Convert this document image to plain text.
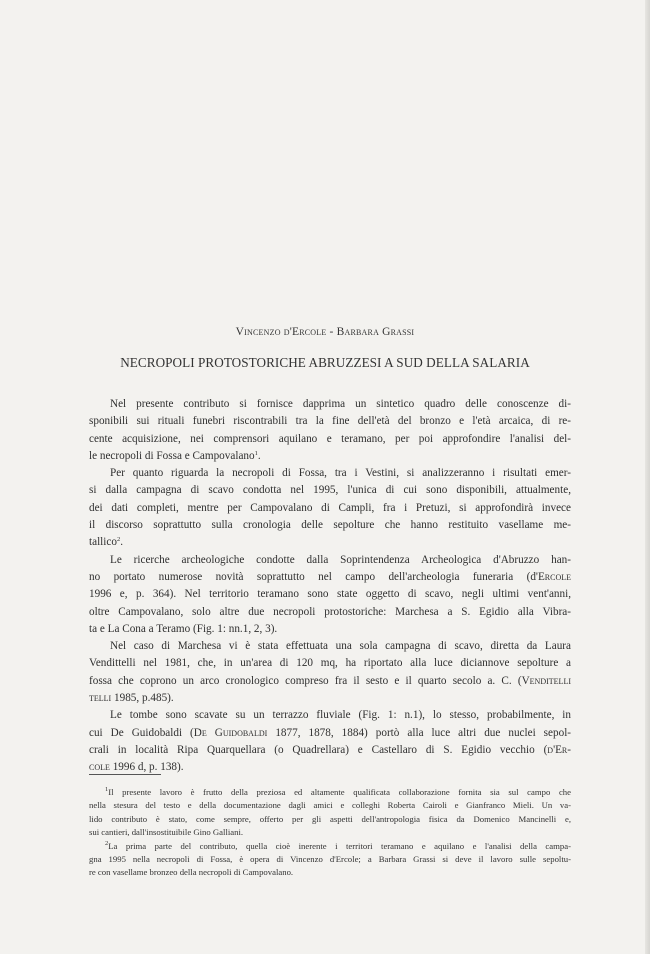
Vincenzo d'Ercole - Barbara Grassi
NECROPOLI PROTOSTORICHE ABRUZZESI A SUD DELLA SALARIA
Nel presente contributo si fornisce dapprima un sintetico quadro delle conoscenze di-
sponibili sui rituali funebri riscontrabili tra la fine dell'età del bronzo e l'età arcaica, di re-
cente acquisizione, nei comprensori aquilano e teramano, per poi approfondire l'analisi del-
le necropoli di Fossa e Campovalano$^1$.
Per quanto riguarda la necropoli di Fossa, tra i Vestini, si analizzeranno i risultati emer-
si dalla campagna di scavo condotta nel 1995, l'unica di cui sono disponibili, attualmente,
dei dati completi, mentre per Campovalano di Campli, fra i Pretuzi, si approfondirà invece
il discorso soprattutto sulla cronologia delle sepolture che hanno restituito vasellame me-
tallico$^2$.
Le ricerche archeologiche condotte dalla Soprintendenza Archeologica d'Abruzzo han-
no portato numerose novità soprattutto nel campo dell'archeologia funeraria (d'Ercole
1996 e, p. 364). Nel territorio teramano sono state oggetto di scavo, negli ultimi vent'anni,
oltre Campovalano, solo altre due necropoli protostoriche: Marchesa a S. Egidio alla Vibra-
ta e La Cona a Teramo (Fig. 1: nn.1, 2, 3).
Nel caso di Marchesa vi è stata effettuata una sola campagna di scavo, diretta da Laura
Vendittelli nel 1981, che, in un'area di 120 mq, ha riportato alla luce diciannove sepolture a
fossa che coprono un arco cronologico compreso fra il sesto e il quarto secolo a. C. (Venditelli
telli 1985, p.485).
Le tombe sono scavate su un terrazzo fluviale (Fig. 1: n.1), lo stesso, probabilmente, in
cui De Guidobaldi (De Guidobaldi 1877, 1878, 1884) portò alla luce altri due nuclei sepol-
crali in località Ripa Quarquellara (o Quadrellara) e Castellaro di S. Egidio vecchio (d'Er-
cole 1996 d, p. 138).
$^1$Il presente lavoro è frutto della preziosa ed altamente qualificata collaborazione fornita sia sul campo che
nella stesura del testo e della documentazione dagli amici e colleghi Roberta Cairoli e Gianfranco Mieli. Un va-
lido contributo è stato, come sempre, offerto per gli aspetti dell'antropologia fisica da Domenico Mancinelli e,
sui cantieri, dall'insostituibile Gino Galliani.
$^2$La prima parte del contributo, quella cioè inerente i territori teramano e aquilano e l'analisi della campa-
gna 1995 nella necropoli di Fossa, è opera di Vincenzo d'Ercole; a Barbara Grassi si deve il lavoro sulle sepoltu-
re con vasellame bronzeo della necropoli di Campovalano.
